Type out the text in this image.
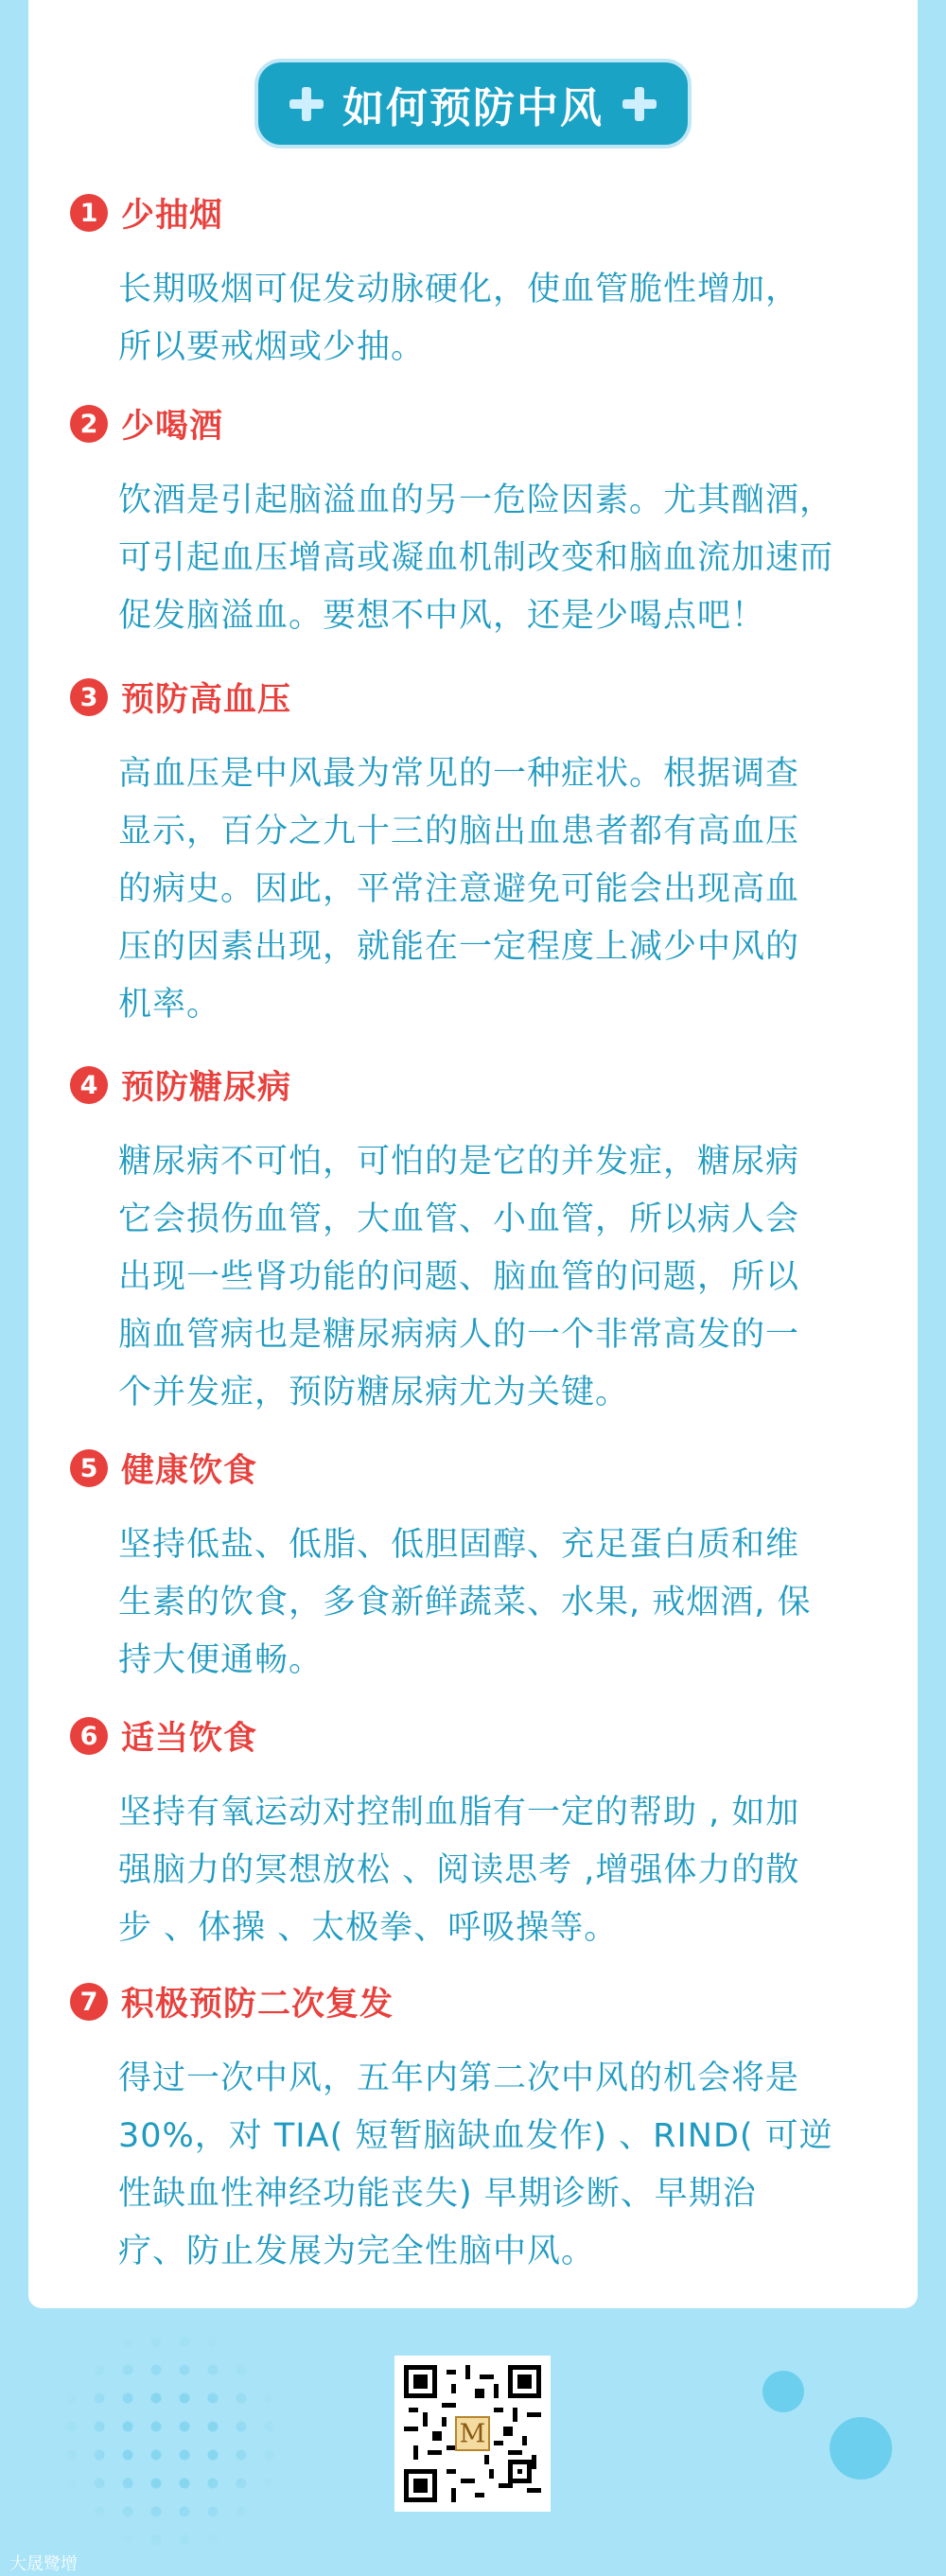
如何预防中风
1 少抽烟
长期吸烟可促发动脉硬化，使血管脆性增加，
所以要戒烟或少抽。
2 少喝酒
饮酒是引起脑溢血的另一危险因素。尤其酗酒，
可引起血压增高或凝血机制改变和脑血流加速而
促发脑溢血。要想不中风，还是少喝点吧！
3 预防高血压
高血压是中风最为常见的一种症状。根据调查
显示，百分之九十三的脑出血患者都有高血压
的病史。因此，平常注意避免可能会出现高血
压的因素出现，就能在一定程度上减少中风的
机率。
4 预防糖尿病
糖尿病不可怕，可怕的是它的并发症，糖尿病
它会损伤血管，大血管、小血管，所以病人会
出现一些肾功能的问题、脑血管的问题，所以
脑血管病也是糖尿病病人的一个非常高发的一
个并发症，预防糖尿病尤为关键。
5 健康饮食
坚持低盐、低脂、低胆固醇、充足蛋白质和维
生素的饮食，多食新鲜蔬菜、水果, 戒烟酒, 保
持大便通畅。
6 适当饮食
坚持有氧运动对控制血脂有一定的帮助 , 如加
强脑力的冥想放松 、阅读思考 ,增强体力的散
步 、体操 、太极拳、呼吸操等。
7 积极预防二次复发
得过一次中风，五年内第二次中风的机会将是
30%，对 TIA( 短暂脑缺血发作) 、RIND( 可逆
性缺血性神经功能丧失) 早期诊断、早期治
疗、防止发展为完全性脑中风。
M
大晟鹭增
